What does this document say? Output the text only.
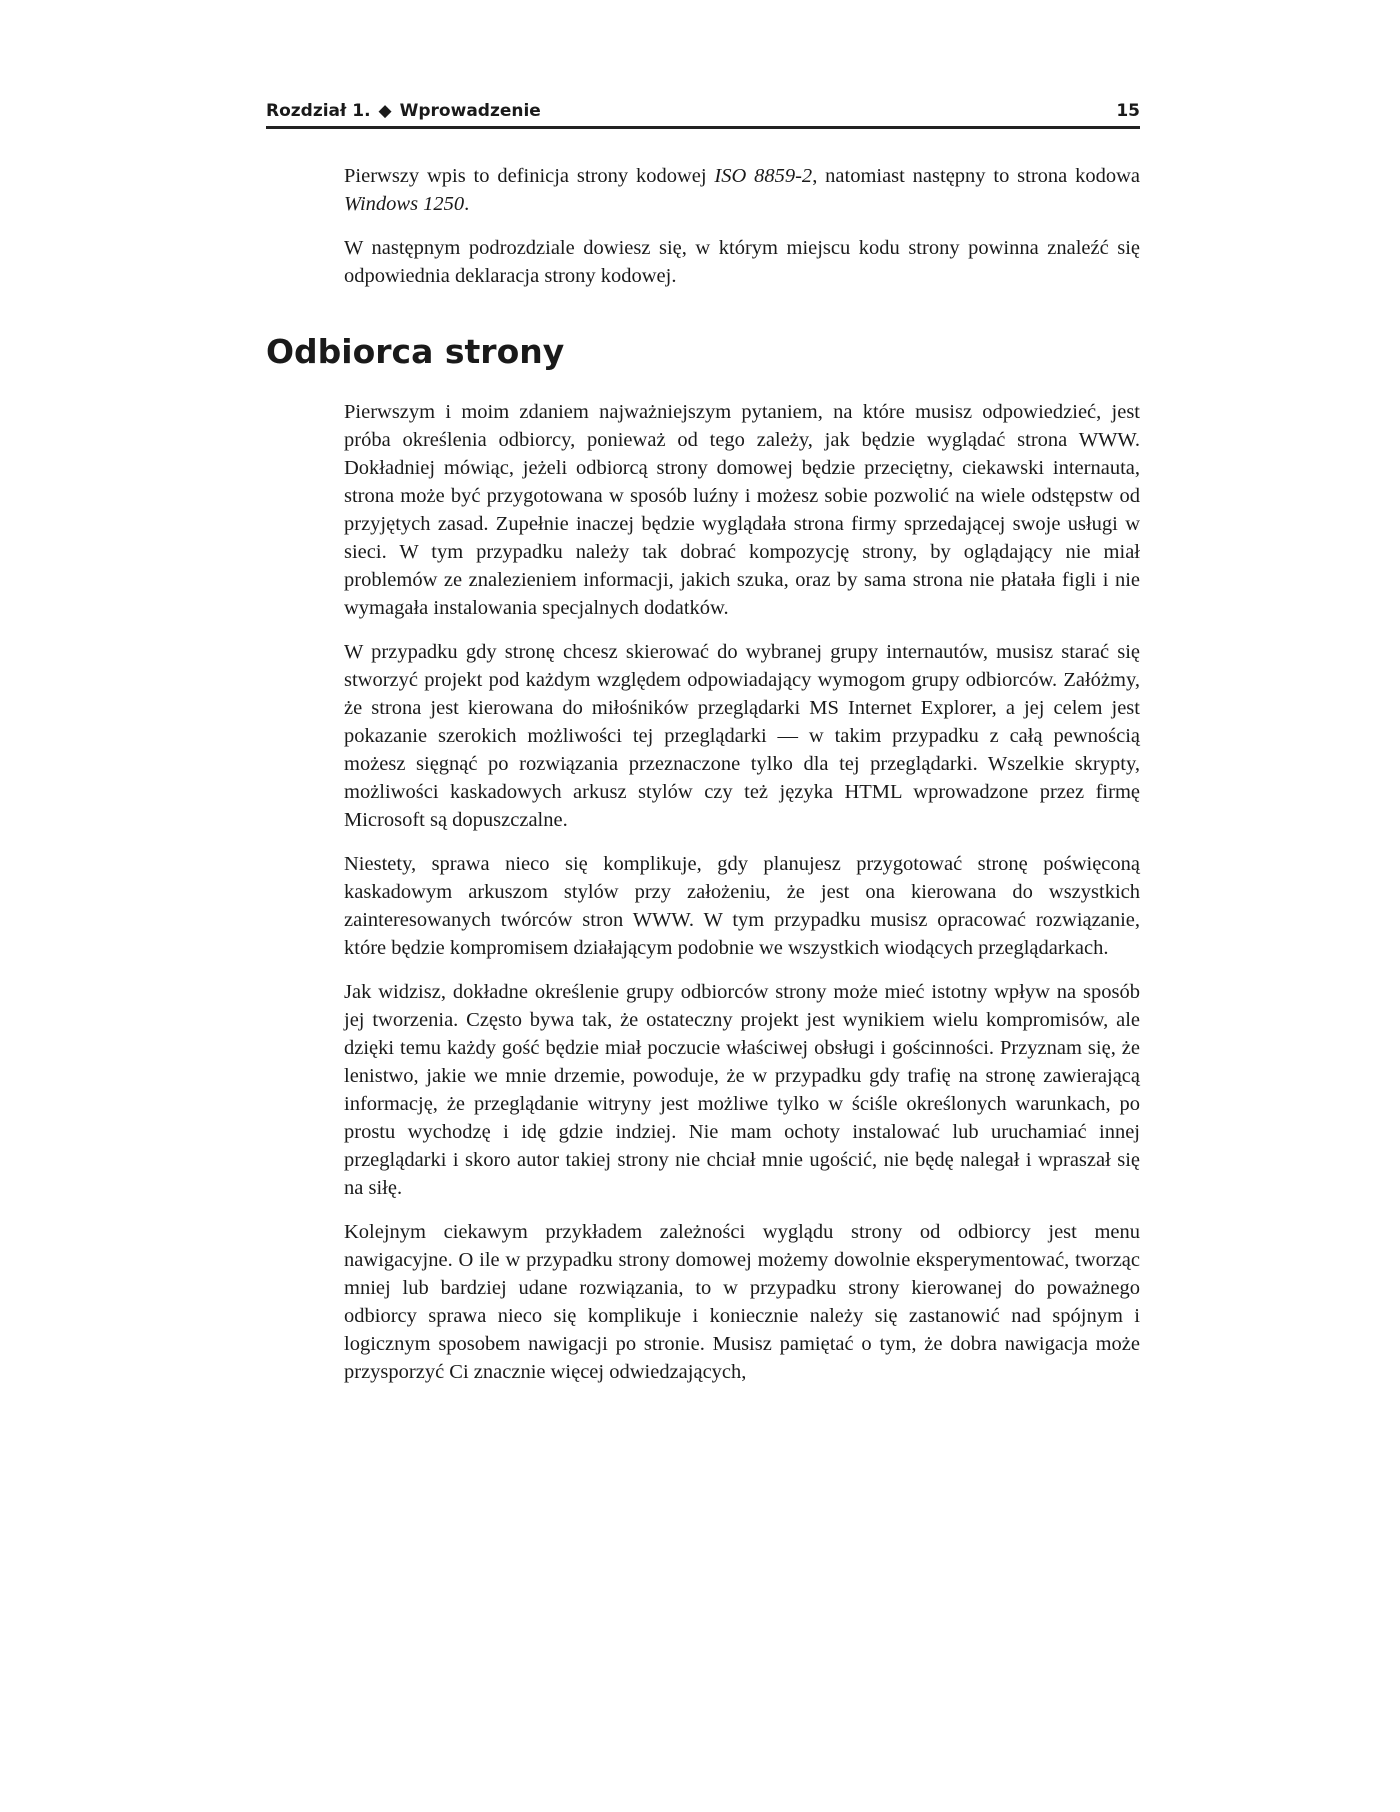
Rozdział 1. ◆ Wprowadzenie	15

Pierwszy wpis to definicja strony kodowej ISO 8859-2, natomiast następny to strona kodowa Windows 1250.

W następnym podrozdziale dowiesz się, w którym miejscu kodu strony powinna znaleźć się odpowiednia deklaracja strony kodowej.

Odbiorca strony

Pierwszym i moim zdaniem najważniejszym pytaniem, na które musisz odpowiedzieć, jest próba określenia odbiorcy, ponieważ od tego zależy, jak będzie wyglądać strona WWW. Dokładniej mówiąc, jeżeli odbiorcą strony domowej będzie przeciętny, ciekawski internauta, strona może być przygotowana w sposób luźny i możesz sobie pozwolić na wiele odstępstw od przyjętych zasad. Zupełnie inaczej będzie wyglądała strona firmy sprzedającej swoje usługi w sieci. W tym przypadku należy tak dobrać kompozycję strony, by oglądający nie miał problemów ze znalezieniem informacji, jakich szuka, oraz by sama strona nie płatała figli i nie wymagała instalowania specjalnych dodatków.

W przypadku gdy stronę chcesz skierować do wybranej grupy internautów, musisz starać się stworzyć projekt pod każdym względem odpowiadający wymogom grupy odbiorców. Załóżmy, że strona jest kierowana do miłośników przeglądarki MS Internet Explorer, a jej celem jest pokazanie szerokich możliwości tej przeglądarki — w takim przypadku z całą pewnością możesz sięgnąć po rozwiązania przeznaczone tylko dla tej przeglądarki. Wszelkie skrypty, możliwości kaskadowych arkusz stylów czy też języka HTML wprowadzone przez firmę Microsoft są dopuszczalne.

Niestety, sprawa nieco się komplikuje, gdy planujesz przygotować stronę poświęconą kaskadowym arkuszom stylów przy założeniu, że jest ona kierowana do wszystkich zainteresowanych twórców stron WWW. W tym przypadku musisz opracować rozwiązanie, które będzie kompromisem działającym podobnie we wszystkich wiodących przeglądarkach.

Jak widzisz, dokładne określenie grupy odbiorców strony może mieć istotny wpływ na sposób jej tworzenia. Często bywa tak, że ostateczny projekt jest wynikiem wielu kompromisów, ale dzięki temu każdy gość będzie miał poczucie właściwej obsługi i gościnności. Przyznam się, że lenistwo, jakie we mnie drzemie, powoduje, że w przypadku gdy trafię na stronę zawierającą informację, że przeglądanie witryny jest możliwe tylko w ściśle określonych warunkach, po prostu wychodzę i idę gdzie indziej. Nie mam ochoty instalować lub uruchamiać innej przeglądarki i skoro autor takiej strony nie chciał mnie ugościć, nie będę nalegał i wpraszał się na siłę.

Kolejnym ciekawym przykładem zależności wyglądu strony od odbiorcy jest menu nawigacyjne. O ile w przypadku strony domowej możemy dowolnie eksperymentować, tworząc mniej lub bardziej udane rozwiązania, to w przypadku strony kierowanej do poważnego odbiorcy sprawa nieco się komplikuje i koniecznie należy się zastanowić nad spójnym i logicznym sposobem nawigacji po stronie. Musisz pamiętać o tym, że dobra nawigacja może przysporzyć Ci znacznie więcej odwiedzających,
